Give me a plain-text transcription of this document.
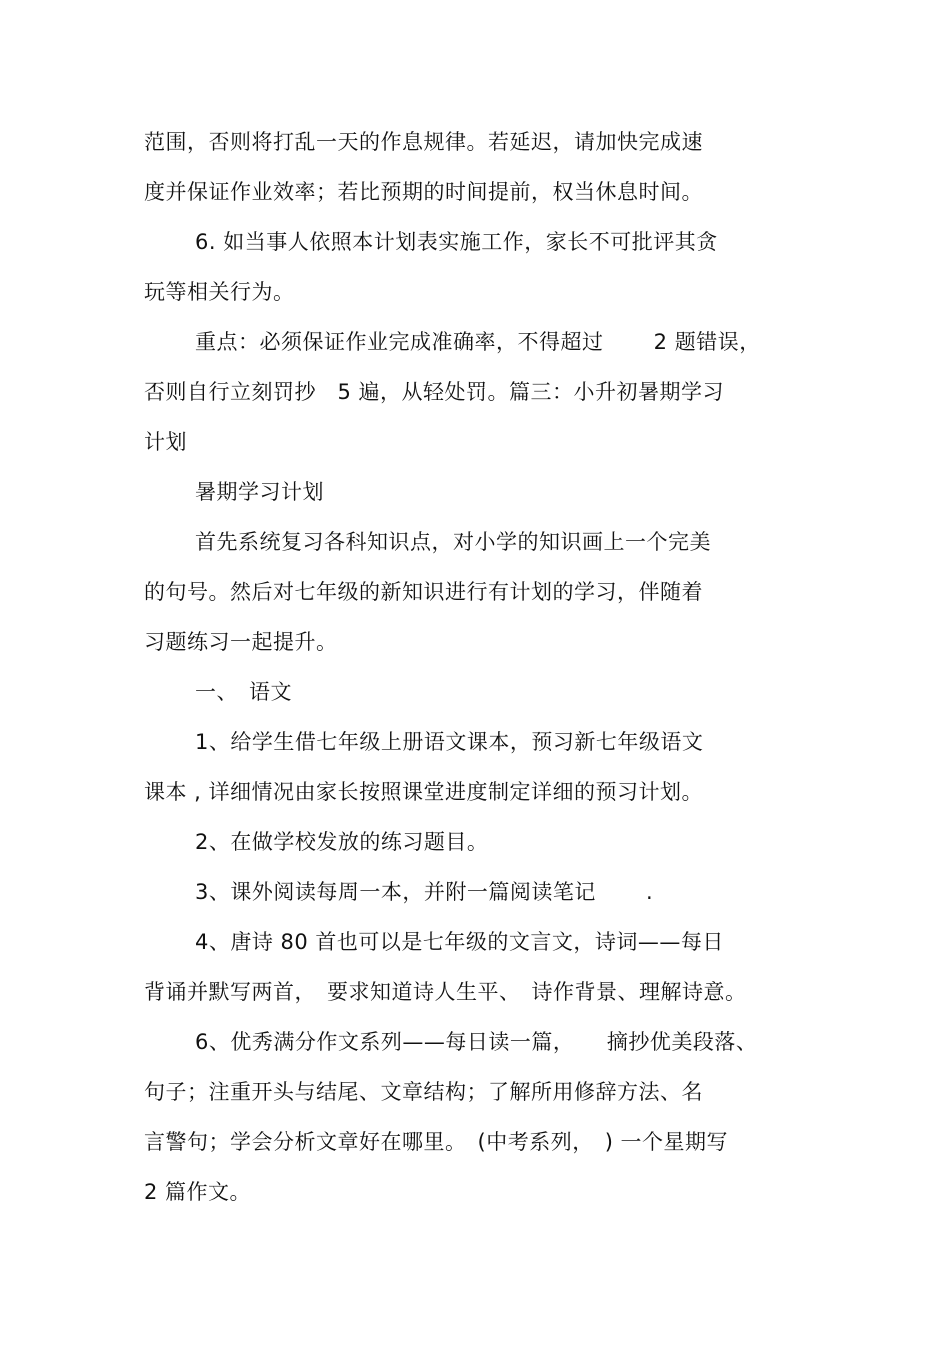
范围，否则将打乱一天的作息规律。若延迟，请加快完成速
度并保证作业效率；若比预期的时间提前，权当休息时间。
6. 如当事人依照本计划表实施工作，家长不可批评其贪
玩等相关行为。
重点：必须保证作业完成准确率，不得超过　　 2 题错误，
否则自行立刻罚抄　5 遍，从轻处罚。篇三：小升初暑期学习
计划
暑期学习计划
首先系统复习各科知识点，对小学的知识画上一个完美
的句号。然后对七年级的新知识进行有计划的学习，伴随着
习题练习一起提升。
一、　语文
1、给学生借七年级上册语文课本，预习新七年级语文
课本 , 详细情况由家长按照课堂进度制定详细的预习计划。
2、在做学校发放的练习题目。
3、课外阅读每周一本，并附一篇阅读笔记　　 .
4、唐诗 80 首也可以是七年级的文言文，诗词——每日
背诵并默写两首，　要求知道诗人生平、　诗作背景、理解诗意。
6、优秀满分作文系列——每日读一篇，　　摘抄优美段落、
句子；注重开头与结尾、文章结构；了解所用修辞方法、名
言警句；学会分析文章好在哪里。　(中考系列，　) 一个星期写
2 篇作文。
